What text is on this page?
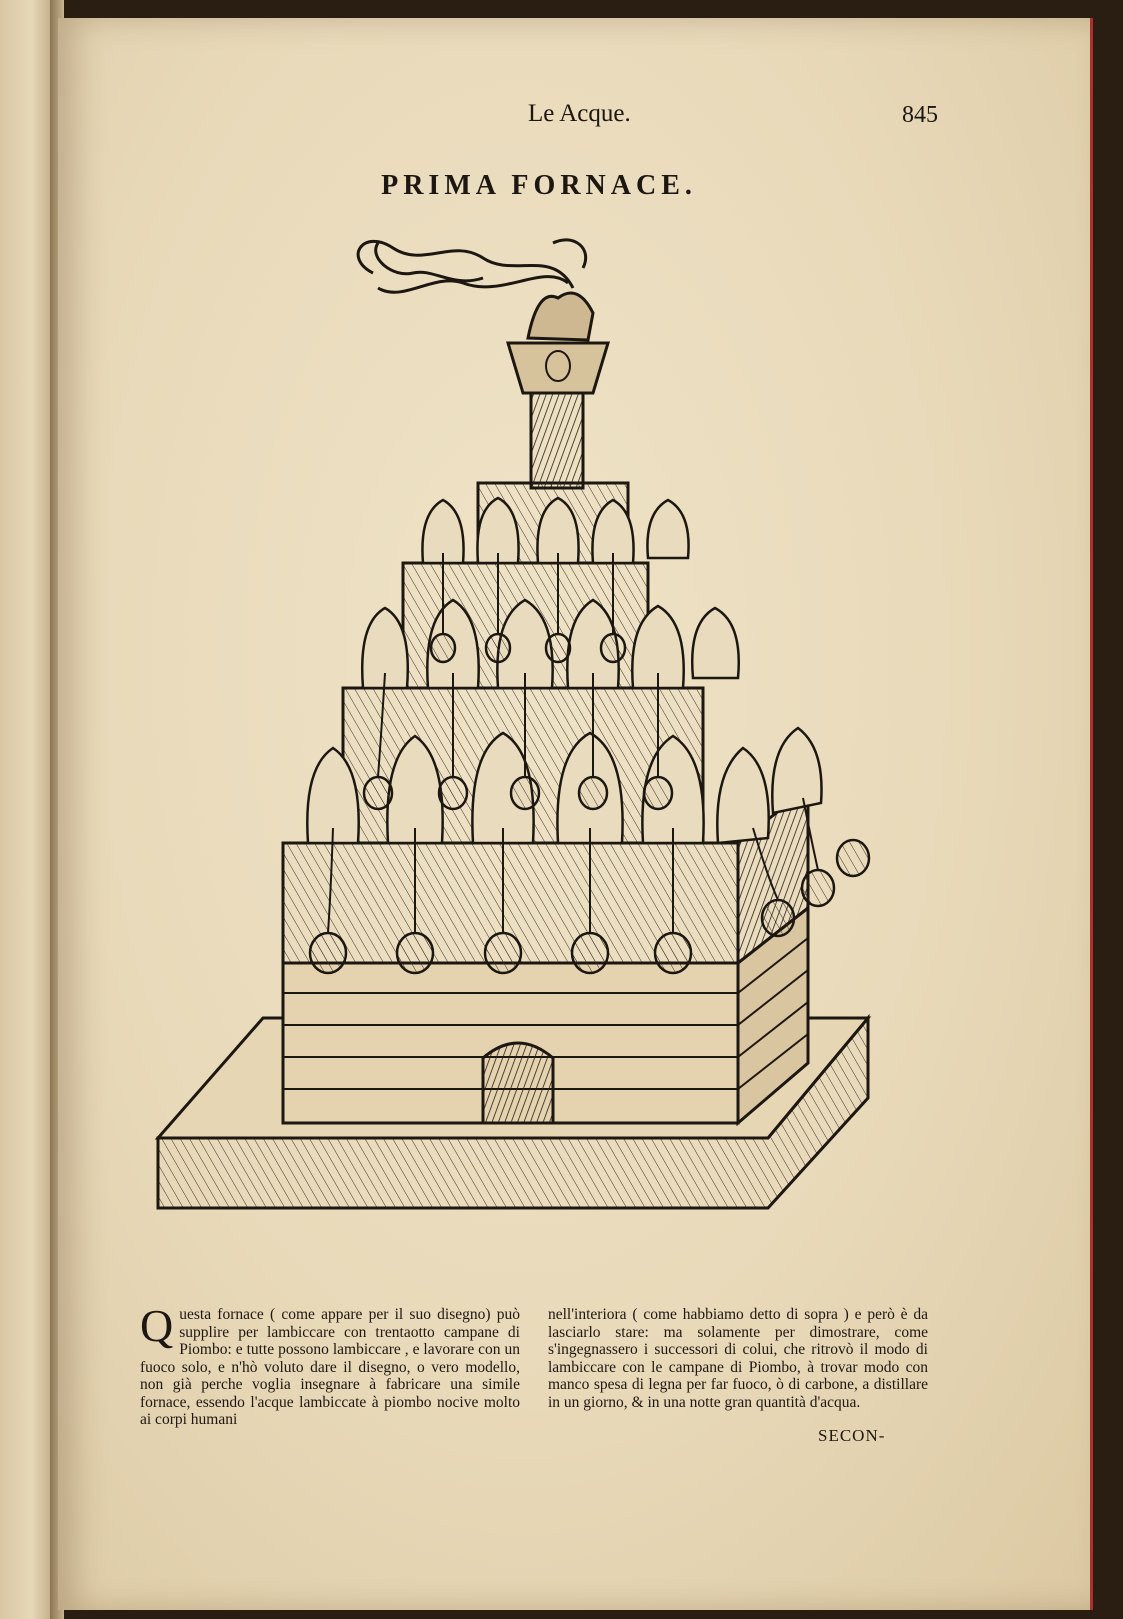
Le Acque.	845
PRIMA FORNACE.
Q uesta fornace ( come appare per il suo disegno) può supplire per lambiccare con trentaotto campane di Piombo: e tutte possono lambiccare , e lavorare con un fuoco solo, e n'hò voluto dare il disegno, o vero modello, non già perche voglia insegnare à fabricare una simile fornace, essendo l'acque lambiccate à piombo nocive molto ai corpi humani
nell'interiora ( come habbiamo detto di sopra ) e però è da lasciarlo stare: ma solamente per dimostrare, come s'ingegnassero i successori di colui, che ritrovò il modo di lambiccare con le campane di Piombo, à trovar modo con manco spesa di legna per far fuoco, ò di carbone, a distillare in un giorno, & in una notte gran quantità d'acqua.
SECON-
